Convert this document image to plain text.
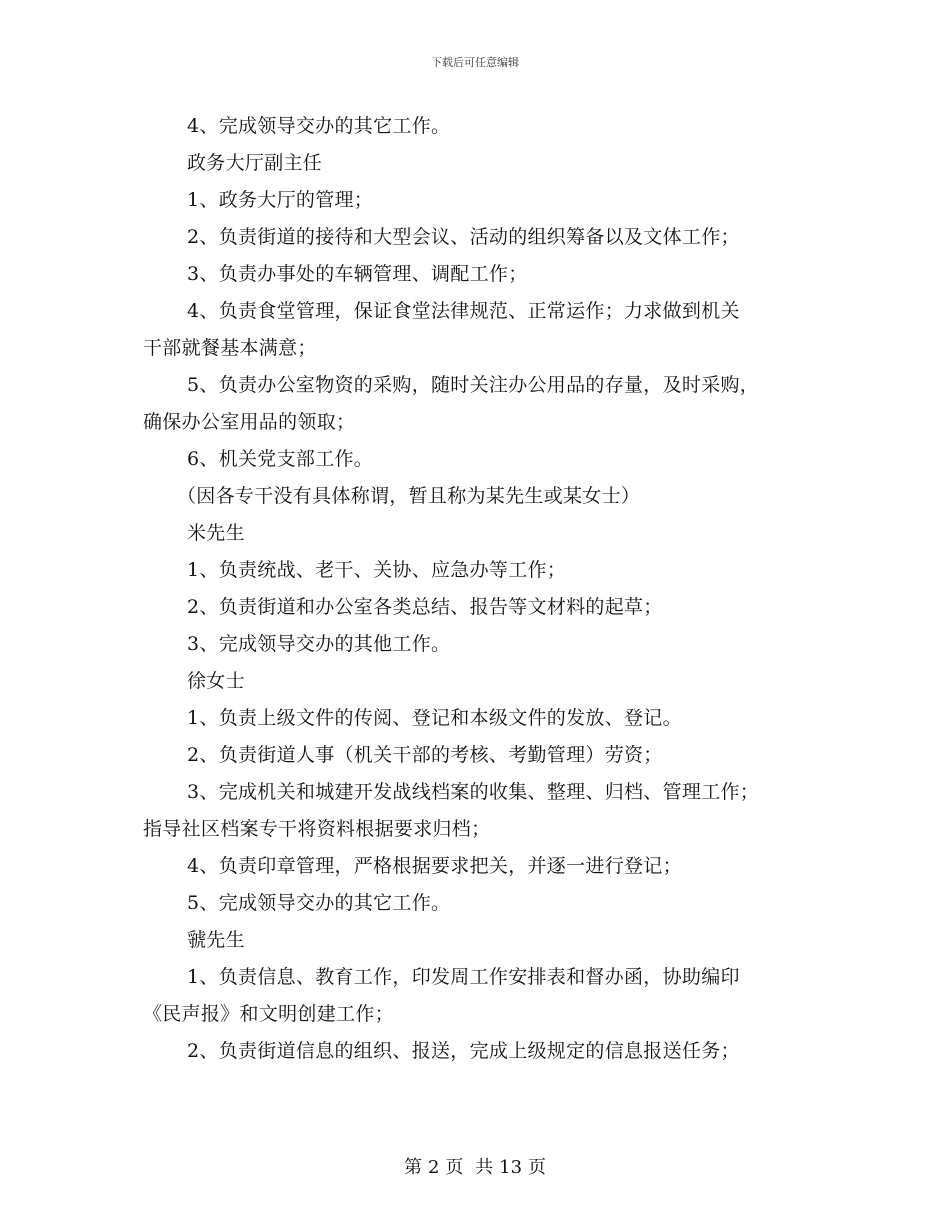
下载后可任意编辑
4、完成领导交办的其它工作。
政务大厅副主任
1、政务大厅的管理；
2、负责街道的接待和大型会议、活动的组织筹备以及文体工作；
3、负责办事处的车辆管理、调配工作；
4、负责食堂管理，保证食堂法律规范、正常运作；力求做到机关
干部就餐基本满意；
5、负责办公室物资的采购，随时关注办公用品的存量，及时采购，
确保办公室用品的领取；
6、机关党支部工作。
（因各专干没有具体称谓，暂且称为某先生或某女士）
米先生
1、负责统战、老干、关协、应急办等工作；
2、负责街道和办公室各类总结、报告等文材料的起草；
3、完成领导交办的其他工作。
徐女士
1、负责上级文件的传阅、登记和本级文件的发放、登记。
2、负责街道人事（机关干部的考核、考勤管理）劳资；
3、完成机关和城建开发战线档案的收集、整理、归档、管理工作；
指导社区档案专干将资料根据要求归档；
4、负责印章管理，严格根据要求把关，并逐一进行登记；
5、完成领导交办的其它工作。
虢先生
1、负责信息、教育工作，印发周工作安排表和督办函，协助编印
《民声报》和文明创建工作；
2、负责街道信息的组织、报送，完成上级规定的信息报送任务；
第 2 页 共 13 页
